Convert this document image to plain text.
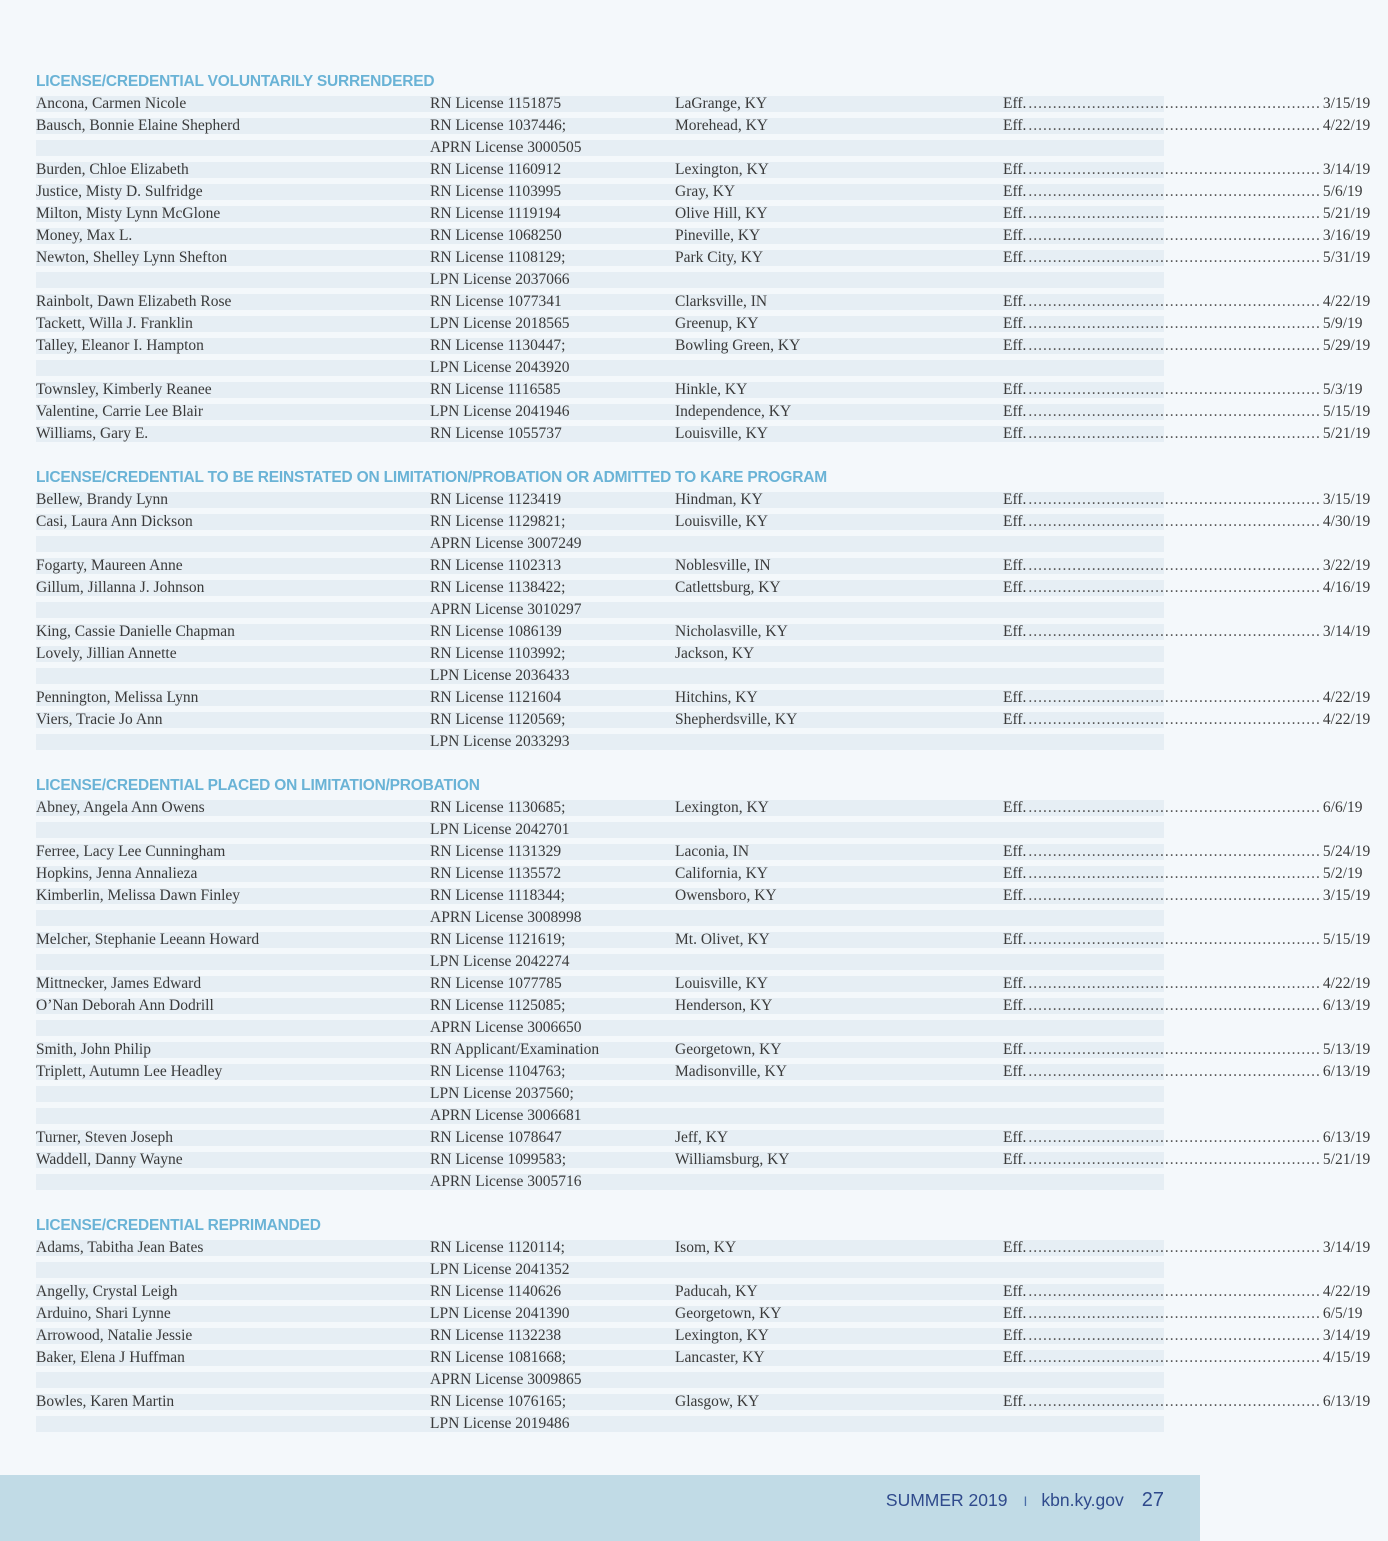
LICENSE/CREDENTIAL VOLUNTARILY SURRENDERED
Ancona, Carmen Nicole	RN License 1151875	LaGrange, KY	Eff. ............................................................ 3/15/19
Bausch, Bonnie Elaine Shepherd	RN License 1037446;	Morehead, KY	Eff. ............................................................ 4/22/19
APRN License 3000505
Burden, Chloe Elizabeth	RN License 1160912	Lexington, KY	Eff. ............................................................ 3/14/19
Justice, Misty D. Sulfridge	RN License 1103995	Gray, KY	Eff. ............................................................ 5/6/19
Milton, Misty Lynn McGlone	RN License 1119194	Olive Hill, KY	Eff. ............................................................ 5/21/19
Money, Max L.	RN License 1068250	Pineville, KY	Eff. ............................................................ 3/16/19
Newton, Shelley Lynn Shefton	RN License 1108129;	Park City, KY	Eff. ............................................................ 5/31/19
LPN License 2037066
Rainbolt, Dawn Elizabeth Rose	RN License 1077341	Clarksville, IN	Eff. ............................................................ 4/22/19
Tackett, Willa J. Franklin	LPN License 2018565	Greenup, KY	Eff. ............................................................ 5/9/19
Talley, Eleanor I. Hampton	RN License 1130447;	Bowling Green, KY	Eff. ............................................................ 5/29/19
LPN License 2043920
Townsley, Kimberly Reanee	RN License 1116585	Hinkle, KY	Eff. ............................................................ 5/3/19
Valentine, Carrie Lee Blair	LPN License 2041946	Independence, KY	Eff. ............................................................ 5/15/19
Williams, Gary E.	RN License 1055737	Louisville, KY	Eff. ............................................................ 5/21/19
LICENSE/CREDENTIAL TO BE REINSTATED ON LIMITATION/PROBATION OR ADMITTED TO KARE PROGRAM
Bellew, Brandy Lynn	RN License 1123419	Hindman, KY	Eff. ............................................................ 3/15/19
Casi, Laura Ann Dickson	RN License 1129821;	Louisville, KY	Eff. ............................................................ 4/30/19
APRN License 3007249
Fogarty, Maureen Anne	RN License 1102313	Noblesville, IN	Eff. ............................................................ 3/22/19
Gillum, Jillanna J. Johnson	RN License 1138422;	Catlettsburg, KY	Eff. ............................................................ 4/16/19
APRN License 3010297
King, Cassie Danielle Chapman	RN License 1086139	Nicholasville, KY	Eff. ............................................................ 3/14/19
Lovely, Jillian Annette	RN License 1103992;	Jackson, KY
LPN License 2036433
Pennington, Melissa Lynn	RN License 1121604	Hitchins, KY	Eff. ............................................................ 4/22/19
Viers, Tracie Jo Ann	RN License 1120569;	Shepherdsville, KY	Eff. ............................................................ 4/22/19
LPN License 2033293
LICENSE/CREDENTIAL PLACED ON LIMITATION/PROBATION
Abney, Angela Ann Owens	RN License 1130685;	Lexington, KY	Eff. ............................................................ 6/6/19
LPN License 2042701
Ferree, Lacy Lee Cunningham	RN License 1131329	Laconia, IN	Eff. ............................................................ 5/24/19
Hopkins, Jenna Annalieza	RN License 1135572	California, KY	Eff. ............................................................ 5/2/19
Kimberlin, Melissa Dawn Finley	RN License 1118344;	Owensboro, KY	Eff. ............................................................ 3/15/19
APRN License 3008998
Melcher, Stephanie Leeann Howard	RN License 1121619;	Mt. Olivet, KY	Eff. ............................................................ 5/15/19
LPN License 2042274
Mittnecker, James Edward	RN License 1077785	Louisville, KY	Eff. ............................................................ 4/22/19
O’Nan Deborah Ann Dodrill	RN License 1125085;	Henderson, KY	Eff. ............................................................ 6/13/19
APRN License 3006650
Smith, John Philip	RN Applicant/Examination	Georgetown, KY	Eff. ............................................................ 5/13/19
Triplett, Autumn Lee Headley	RN License 1104763;	Madisonville, KY	Eff. ............................................................ 6/13/19
LPN License 2037560;
APRN License 3006681
Turner, Steven Joseph	RN License 1078647	Jeff, KY	Eff. ............................................................ 6/13/19
Waddell, Danny Wayne	RN License 1099583;	Williamsburg, KY	Eff. ............................................................ 5/21/19
APRN License 3005716
LICENSE/CREDENTIAL REPRIMANDED
Adams, Tabitha Jean Bates	RN License 1120114;	Isom, KY	Eff. ............................................................ 3/14/19
LPN License 2041352
Angelly, Crystal Leigh	RN License 1140626	Paducah, KY	Eff. ............................................................ 4/22/19
Arduino, Shari Lynne	LPN License 2041390	Georgetown, KY	Eff. ............................................................ 6/5/19
Arrowood, Natalie Jessie	RN License 1132238	Lexington, KY	Eff. ............................................................ 3/14/19
Baker, Elena J Huffman	RN License 1081668;	Lancaster, KY	Eff. ............................................................ 4/15/19
APRN License 3009865
Bowles, Karen Martin	RN License 1076165;	Glasgow, KY	Eff. ............................................................ 6/13/19
LPN License 2019486
SUMMER 2019 I kbn.ky.gov 27
